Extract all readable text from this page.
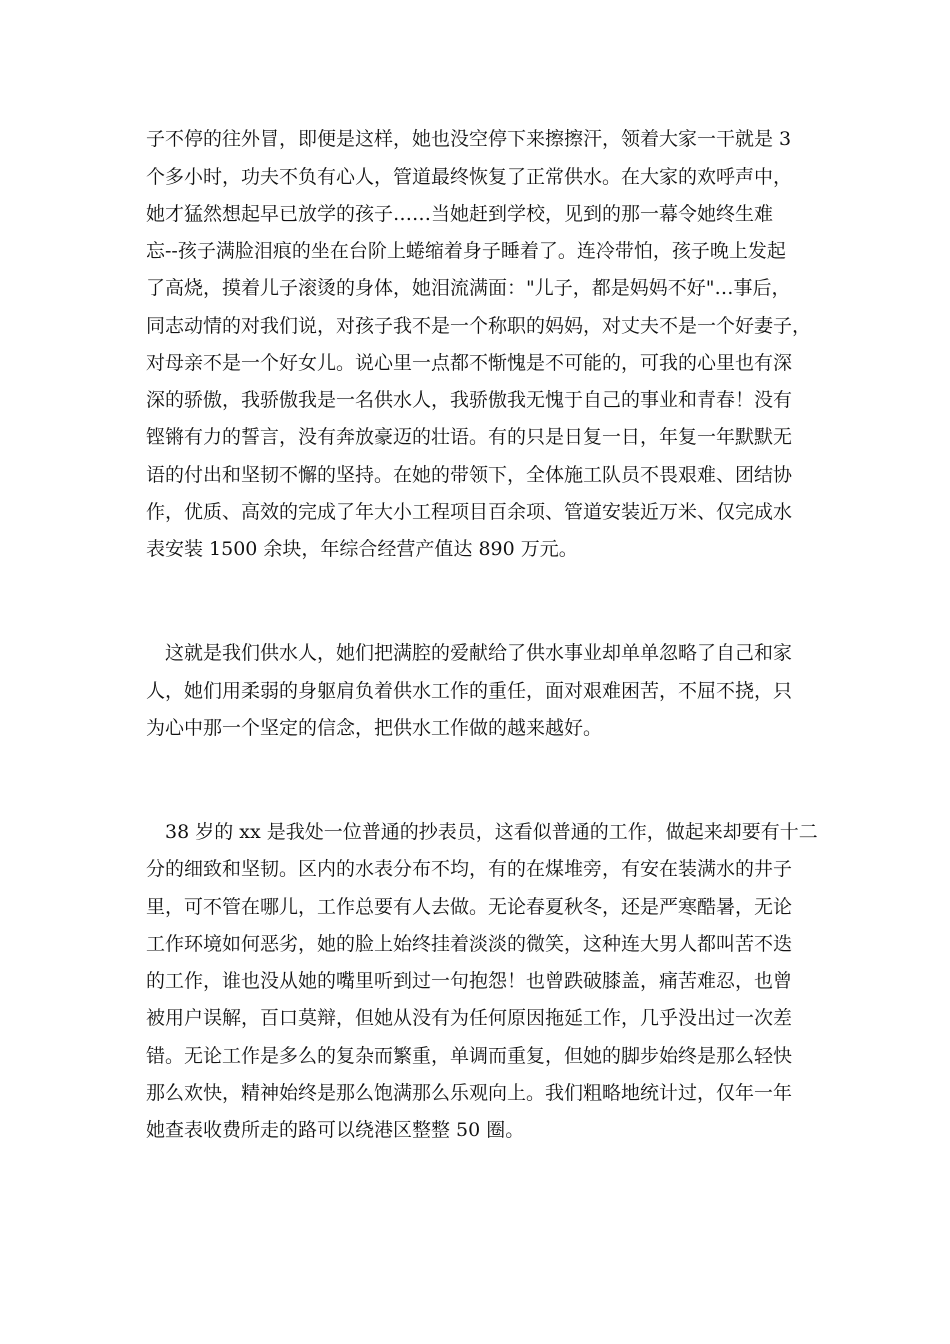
子不停的往外冒，即便是这样，她也没空停下来擦擦汗，领着大家一干就是 3
个多小时，功夫不负有心人，管道最终恢复了正常供水。在大家的欢呼声中，
她才猛然想起早已放学的孩子……当她赶到学校，见到的那一幕令她终生难
忘--孩子满脸泪痕的坐在台阶上蜷缩着身子睡着了。连冷带怕，孩子晚上发起
了高烧，摸着儿子滚烫的身体，她泪流满面："儿子，都是妈妈不好"…事后，
同志动情的对我们说，对孩子我不是一个称职的妈妈，对丈夫不是一个好妻子，
对母亲不是一个好女儿。说心里一点都不惭愧是不可能的，可我的心里也有深
深的骄傲，我骄傲我是一名供水人，我骄傲我无愧于自己的事业和青春！没有
铿锵有力的誓言，没有奔放豪迈的壮语。有的只是日复一日，年复一年默默无
语的付出和坚韧不懈的坚持。在她的带领下，全体施工队员不畏艰难、团结协
作，优质、高效的完成了年大小工程项目百余项、管道安装近万米、仅完成水
表安装 1500 余块，年综合经营产值达 890 万元。
　这就是我们供水人，她们把满腔的爱献给了供水事业却单单忽略了自己和家
人，她们用柔弱的身躯肩负着供水工作的重任，面对艰难困苦，不屈不挠，只
为心中那一个坚定的信念，把供水工作做的越来越好。
　38 岁的 xx 是我处一位普通的抄表员，这看似普通的工作，做起来却要有十二
分的细致和坚韧。区内的水表分布不均，有的在煤堆旁，有安在装满水的井子
里，可不管在哪儿，工作总要有人去做。无论春夏秋冬，还是严寒酷暑，无论
工作环境如何恶劣，她的脸上始终挂着淡淡的微笑，这种连大男人都叫苦不迭
的工作，谁也没从她的嘴里听到过一句抱怨！也曾跌破膝盖，痛苦难忍，也曾
被用户误解，百口莫辩，但她从没有为任何原因拖延工作，几乎没出过一次差
错。无论工作是多么的复杂而繁重，单调而重复，但她的脚步始终是那么轻快
那么欢快，精神始终是那么饱满那么乐观向上。我们粗略地统计过，仅年一年
她查表收费所走的路可以绕港区整整 50 圈。
